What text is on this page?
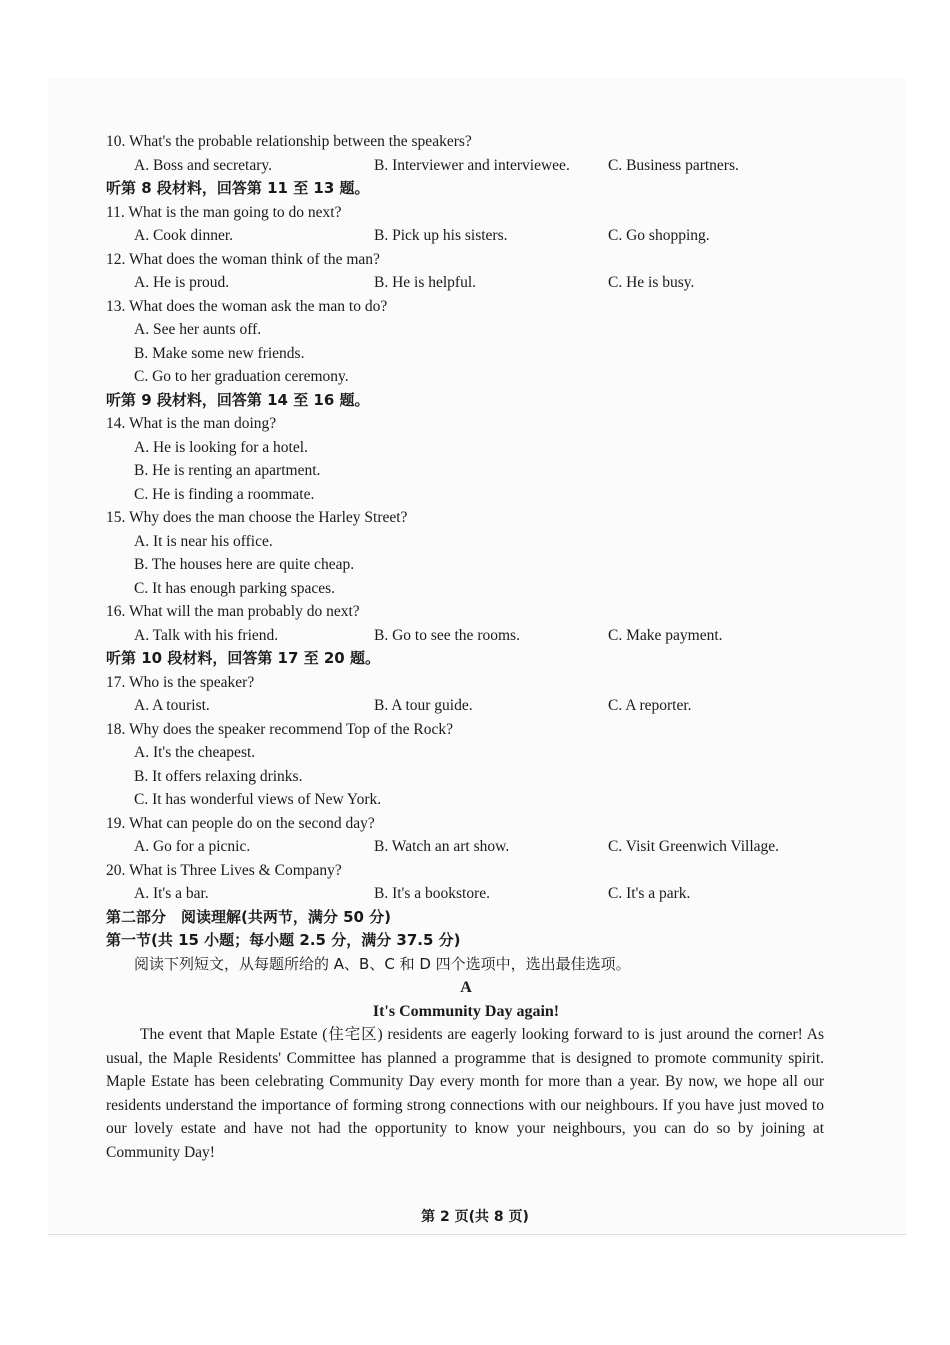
10. What's the probable relationship between the speakers?
A. Boss and secretary.	B. Interviewer and interviewee. C. Business partners.
听第 8 段材料，回答第 11 至 13 题。
11. What is the man going to do next?
A. Cook dinner.	B. Pick up his sisters.	C. Go shopping.
12. What does the woman think of the man?
A. He is proud.	B. He is helpful.	C. He is busy.
13. What does the woman ask the man to do?
A. See her aunts off.
B. Make some new friends.
C. Go to her graduation ceremony.
听第 9 段材料，回答第 14 至 16 题。
14. What is the man doing?
A. He is looking for a hotel.
B. He is renting an apartment.
C. He is finding a roommate.
15. Why does the man choose the Harley Street?
A. It is near his office.
B. The houses here are quite cheap.
C. It has enough parking spaces.
16. What will the man probably do next?
A. Talk with his friend.	B. Go to see the rooms.	C. Make payment.
听第 10 段材料，回答第 17 至 20 题。
17. Who is the speaker?
A. A tourist.	B. A tour guide.	C. A reporter.
18. Why does the speaker recommend Top of the Rock?
A. It's the cheapest.
B. It offers relaxing drinks.
C. It has wonderful views of New York.
19. What can people do on the second day?
A. Go for a picnic.	B. Watch an art show.	C. Visit Greenwich Village.
20. What is Three Lives & Company?
A. It's a bar.	B. It's a bookstore.	C. It's a park.
第二部分　阅读理解(共两节，满分 50 分)
第一节(共 15 小题；每小题 2.5 分，满分 37.5 分)
阅读下列短文，从每题所给的 A、B、C 和 D 四个选项中，选出最佳选项。
A
It's Community Day again!

The event that Maple Estate (住宅区) residents are eagerly looking forward to is just around the corner! As usual, the Maple Residents' Committee has planned a programme that is designed to promote community spirit. Maple Estate has been celebrating Community Day every month for more than a year. By now, we hope all our residents understand the importance of forming strong connections with our neighbours. If you have just moved to our lovely estate and have not had the opportunity to know your neighbours, you can do so by joining at Community Day!

第 2 页(共 8 页)
